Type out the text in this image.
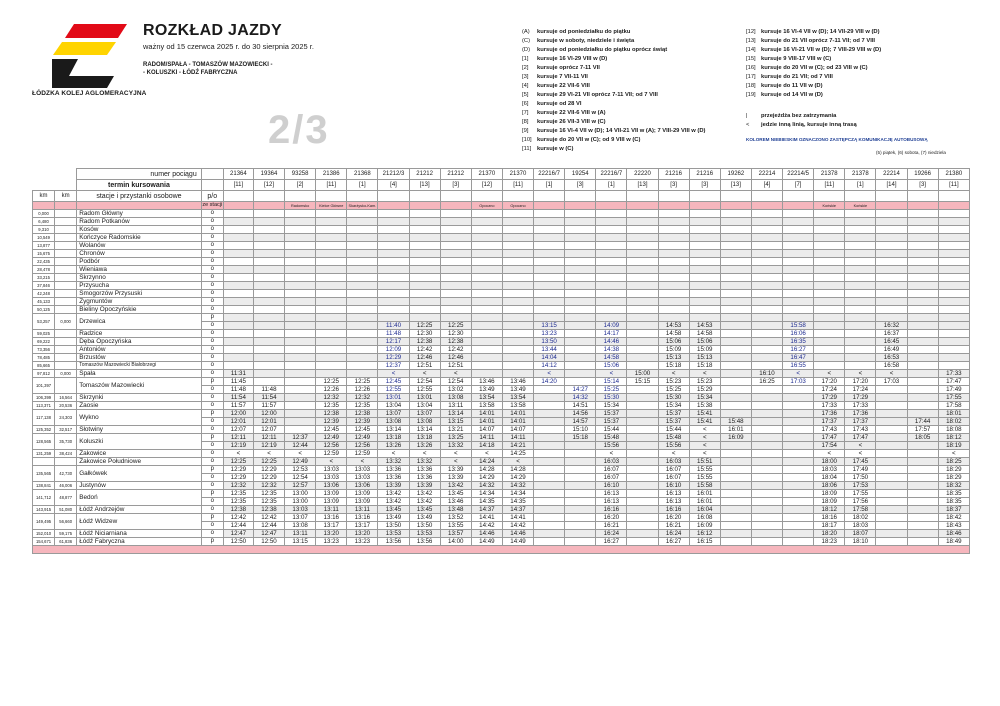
ŁÓDZKA KOLEJ AGLOMERACYJNA
ROZKŁAD JAZDY
ważny od 15 czerwca 2025 r. do 30 sierpnia 2025 r.
RADOM/SPAŁA - TOMASZÓW MAZOWIECKI -
- KOLUSZKI - ŁÓDŹ FABRYCZNA
2/3
(A) kursuje od poniedziałku do piątku
(C) kursuje w soboty, niedziele i święta
(D) kursuje od poniedziałku do piątku oprócz świąt
[1] kursuje 16 VI-29 VIII w (D)
[2] kursuje oprócz 7-11 VII
[3] kursuje 7 VII-11 VII
[4] kursuje 22 VII-6 VIII
[5] kursuje 29 VI-21 VII oprócz 7-11 VII; od 7 VIII
[6] kursuje od 28 VI
[7] kursuje 22 VII-6 VIII w (A)
[8] kursuje 26 VII-3 VIII w (C)
[9] kursuje 16 VI-4 VII w (D); 14 VII-21 VII w (A); 7 VIII-29 VIII w (D)
[10] kursuje do 20 VII w (C); od 9 VIII w (C)
[11] kursuje w (C)
[12] kursuje 16 VI-4 VII w (D); 14 VII-29 VIII w (D)
[13] kursuje do 21 VII oprócz 7-11 VII; od 7 VIII
[14] kursuje 16 VI-21 VII w (D); 7 VIII-29 VIII w (D)
[15] kursuje 9 VIII-17 VIII w (C)
[16] kursuje do 20 VII w (C); od 23 VIII w (C)
[17] kursuje do 21 VII; od 7 VIII
[18] kursuje do 11 VII w (D)
[19] kursuje od 14 VII w (D)
| przejeżdża bez zatrzymania
< jedzie inną linią, kursuje inną trasą
KOLOREM NIEBIESKIM OZNACZONO ZASTĘPCZĄ KOMUNIKACJĘ AUTOBUSOWĄ
(5) piątek, (6) sobota, (7) niedziela
		numer pociągu		21364	19364	93258	21386	21368	21212/3	21212	21212	21370	21370	22216/7	19254	22216/7	22220	21216	21216	19262	22214	22214/5	21378	21378	22214	19266	21380
		termin kursowania		[11]	[12]	[2]	[11]	[1]	[4]	[13]	[3]	[12]	[11]	[1]	[3]	[1]	[13]	[3]	[3]	[13]	[4]	[7]	[11]	[1]	[14]	[3]	[11]
km	km	stacje i przystanki osobowe	p/o																								
			ze stacji			Radomsko	Kielce Główne	Skarżysko-Kam.				Opoczno	Opoczno										Końskie	Końskie			
0,000		Radom Główny	o																								
6,480		Radom Potkanów	o																								
9,310		Kosów	o																								
10,549		Kończyce Radomskie	o																								
13,877		Wolanów	o																								
15,675		Chronów	o																								
22,435		Podbór	o																								
28,478		Wieniawa	o																								
33,215		Skrzynno	o																								
37,846		Przysucha	o																								
42,248		Smogorzów Przysuski	o																								
45,133		Zygmuntów	o																								
50,125		Bieliny Opoczyńskie	o																								
53,257	0,000	Drzewica	p																								
			o						11:40	12:25	12:25			13:15		14:09		14:53	14:53			15:58			16:32		
59,025		Radzice	o						11:48	12:30	12:30			13:23		14:17		14:58	14:58			16:06			16:37		
69,222		Dęba Opoczyńska	o						12:17	12:38	12:38			13:50		14:46		15:06	15:06			16:35			16:45		
73,356		Antoniów	o						12:09	12:42	12:42			13:44		14:38		15:09	15:09			16:27			16:49		
78,485		Brzustów	o						12:29	12:46	12:46			14:04		14:58		15:13	15:13			16:47			16:53		
85,665		Tomaszów Mazowiecki Białobrzegi	o						12:37	12:51	12:51			14:12		15:06		15:18	15:18			16:55			16:58		
97,812	0,000	Spała	o	11:31					<	<	<			<		<	15:00	<	<		16:10	<	<	<	<		17:33
101,397		Tomaszów Mazowiecki	p	11:45			12:25	12:25	12:45	12:54	12:54	13:46	13:46	14:20		15:14	15:15	15:23	15:23		16:25	17:03	17:20	17:20	17:03		17:47
			o	11:48	11:48		12:26	12:26	12:55	12:55	13:02	13:49	13:49		14:27	15:25		15:25	15:29				17:24	17:24			17:49
106,399	16,564	Skrzynki	o	11:54	11:54		12:32	12:32	13:01	13:01	13:08	13:54	13:54		14:32	15:30		15:30	15:34				17:29	17:29			17:55
113,371	20,536	Zaosie	o	11:57	11:57		12:35	12:35	13:04	13:04	13:11	13:58	13:58		14:51	15:34		15:34	15:38				17:33	17:33			17:58
117,138	24,303	Wykno	p	12:00	12:00		12:38	12:38	13:07	13:07	13:14	14:01	14:01		14:56	15:37		15:37	15:41				17:36	17:36			18:01
			o	12:01	12:01		12:39	12:39	13:08	13:08	13:15	14:01	14:01		14:57	15:37		15:37	15:41	15:48			17:37	17:37		17:44	18:02
125,352	32,517	Słotwiny	o	12:07	12:07		12:45	12:45	13:14	13:14	13:21	14:07	14:07		15:10	15:44		15:44	<	16:01			17:43	17:43		17:57	18:08
128,565	35,730	Koluszki	p	12:11	12:11	12:37	12:49	12:49	13:18	13:18	13:25	14:11	14:11		15:18	15:48		15:48	<	16:09			17:47	17:47		18:05	18:12
			o	12:19	12:19	12:44	12:56	12:56	13:26	13:26	13:32	14:18	14:21			15:56		15:56	<				17:54	<			18:19
131,259	38,424	Żakowice	o	<	<	<	12:59	12:59	<	<	<	<	14:25			<		<	<				<	<			<
		Żakowice Południowe	o	12:25	12:25	12:49	<	<	13:32	13:32	<	14:24	<			16:03		16:03	15:51				18:00	17:45			18:25
135,565	42,730	Gałkówek	p	12:29	12:29	12:53	13:03	13:03	13:36	13:36	13:39	14:28	14:28			16:07		16:07	15:55				18:03	17:49			18:29
			o	12:29	12:29	12:54	13:03	13:03	13:36	13:36	13:39	14:29	14:29			16:07		16:07	15:55				18:04	17:50			18:29
138,841	46,006	Justynów	o	12:32	12:32	12:57	13:06	13:06	13:39	13:39	13:42	14:32	14:32			16:10		16:10	15:58				18:06	17:53			18:32
141,712	48,877	Bedoń	p	12:35	12:35	13:00	13:09	13:09	13:42	13:42	13:45	14:34	14:34			16:13		16:13	16:01				18:09	17:55			18:35
			o	12:35	12:35	13:00	13:09	13:09	13:42	13:42	13:46	14:35	14:35			16:13		16:13	16:01				18:09	17:56			18:35
143,915	51,080	Łódź Andrzejów	o	12:38	12:38	13:03	13:11	13:11	13:45	13:45	13:48	14:37	14:37			16:16		16:16	16:04				18:12	17:58			18:37
149,495	56,660	Łódź Widzew	p	12:42	12:42	13:07	13:16	13:16	13:49	13:49	13:52	14:41	14:41			16:20		16:20	16:08				18:16	18:02			18:42
			o	12:44	12:44	13:08	13:17	13:17	13:50	13:50	13:55	14:42	14:42			16:21		16:21	16:09				18:17	18:03			18:43
152,010	59,175	Łódź Niciarniana	o	12:47	12:47	13:11	13:20	13:20	13:53	13:53	13:57	14:46	14:46			16:24		16:24	16:12				18:20	18:07			18:46
154,671	61,836	Łódź Fabryczna	p	12:50	12:50	13:15	13:23	13:23	13:56	13:56	14:00	14:49	14:49			16:27		16:27	16:15				18:23	18:10			18:49
